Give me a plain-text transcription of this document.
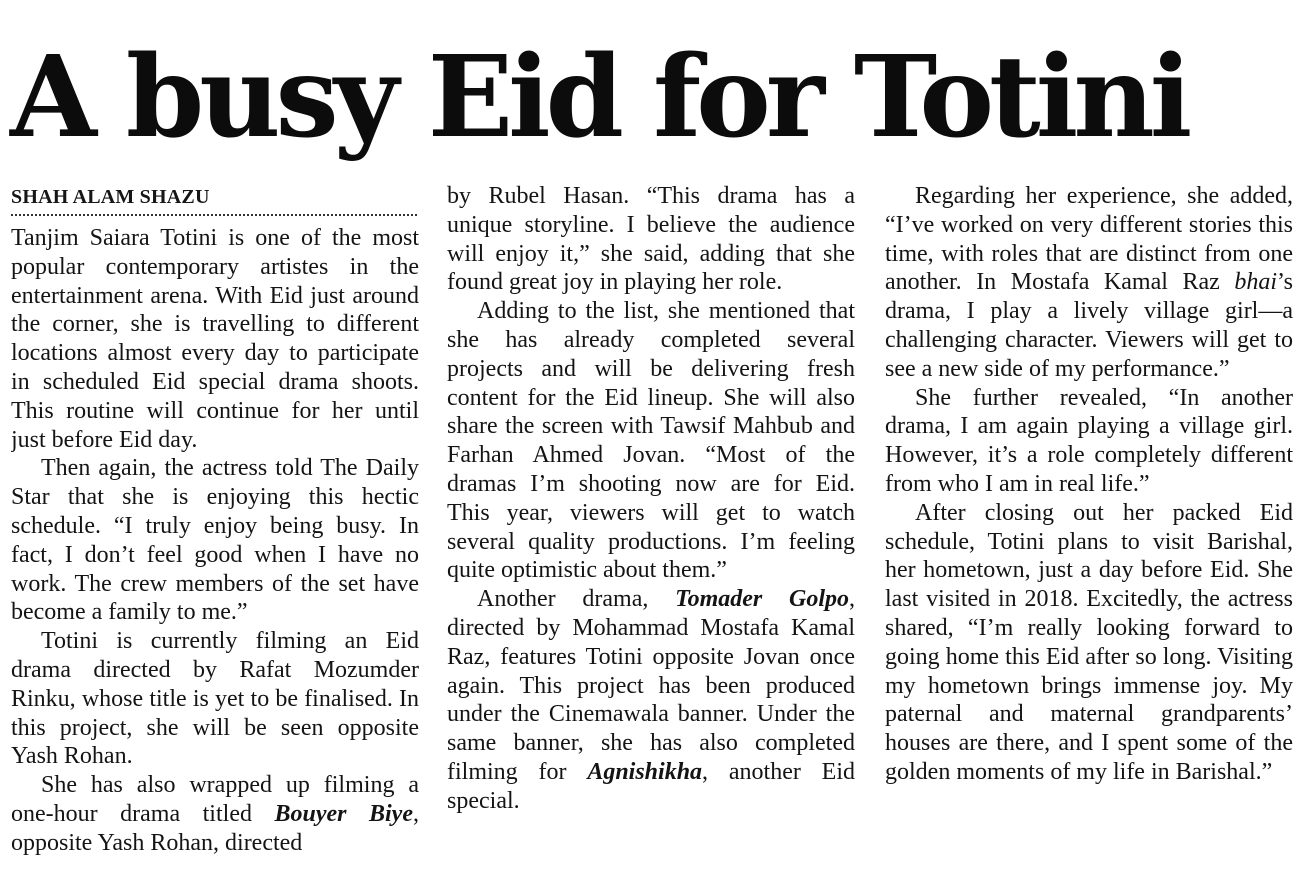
A busy Eid for Totini
SHAH ALAM SHAZU

Tanjim Saiara Totini is one of the most popular contemporary artistes in the entertainment arena. With Eid just around the corner, she is travelling to different locations almost every day to participate in scheduled Eid special drama shoots. This routine will continue for her until just before Eid day.

Then again, the actress told The Daily Star that she is enjoying this hectic schedule. “I truly enjoy being busy. In fact, I don’t feel good when I have no work. The crew members of the set have become a family to me.”

Totini is currently filming an Eid drama directed by Rafat Mozumder Rinku, whose title is yet to be finalised. In this project, she will be seen opposite Yash Rohan.

She has also wrapped up filming a one-hour drama titled Bouyer Biye, opposite Yash Rohan, directed

by Rubel Hasan. “This drama has a unique storyline. I believe the audience will enjoy it,” she said, adding that she found great joy in playing her role.

Adding to the list, she mentioned that she has already completed several projects and will be delivering fresh content for the Eid lineup. She will also share the screen with Tawsif Mahbub and Farhan Ahmed Jovan. “Most of the dramas I’m shooting now are for Eid. This year, viewers will get to watch several quality productions. I’m feeling quite optimistic about them.”

Another drama, Tomader Golpo, directed by Mohammad Mostafa Kamal Raz, features Totini opposite Jovan once again. This project has been produced under the Cinemawala banner. Under the same banner, she has also completed filming for Agnishikha, another Eid special.

Regarding her experience, she added, “I’ve worked on very different stories this time, with roles that are distinct from one another. In Mostafa Kamal Raz bhai’s drama, I play a lively village girl—a challenging character. Viewers will get to see a new side of my performance.”

She further revealed, “In another drama, I am again playing a village girl. However, it’s a role completely different from who I am in real life.”

After closing out her packed Eid schedule, Totini plans to visit Barishal, her hometown, just a day before Eid. She last visited in 2018. Excitedly, the actress shared, “I’m really looking forward to going home this Eid after so long. Visiting my hometown brings immense joy. My paternal and maternal grandparents’ houses are there, and I spent some of the golden moments of my life in Barishal.”
